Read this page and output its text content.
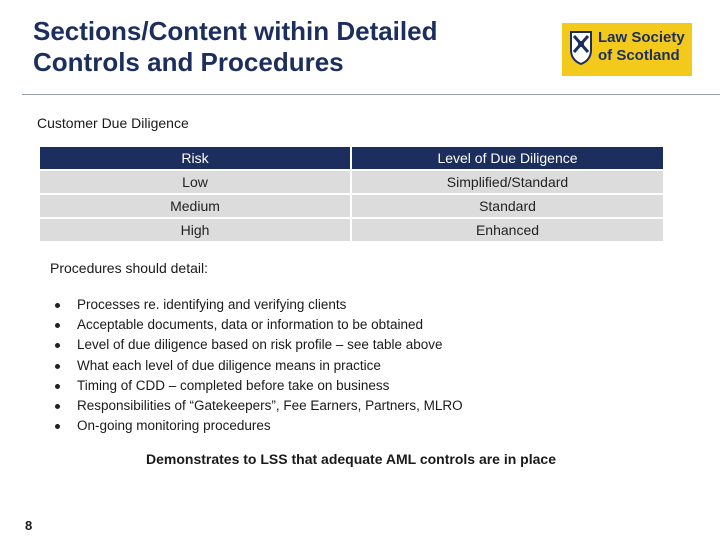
Sections/Content within Detailed
Controls and Procedures
Law Society
of Scotland
Customer Due Diligence
Risk	Level of Due Diligence
Low	Simplified/Standard
Medium	Standard
High	Enhanced
Procedures should detail:
Processes re. identifying and verifying clients
Acceptable documents, data or information to be obtained
Level of due diligence based on risk profile – see table above
What each level of due diligence means in practice
Timing of CDD – completed before take on business
Responsibilities of “Gatekeepers”, Fee Earners, Partners, MLRO
On-going monitoring procedures
Demonstrates to LSS that adequate AML controls are in place
8
